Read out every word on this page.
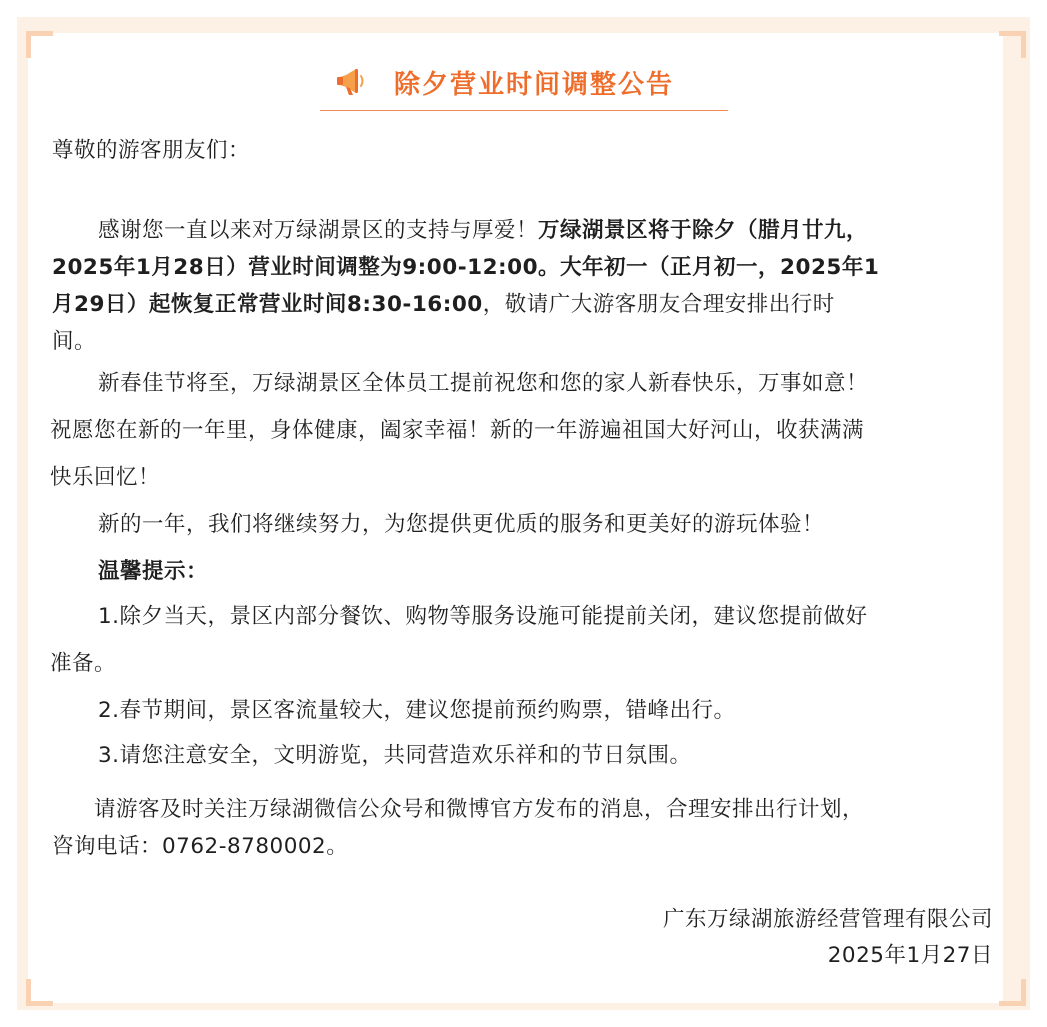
除夕营业时间调整公告
尊敬的游客朋友们：
感谢您一直以来对万绿湖景区的支持与厚爱！万绿湖景区将于除夕（腊月廿九，
2025年1月28日）营业时间调整为9:00-12:00。大年初一（正月初一，2025年1
月29日）起恢复正常营业时间8:30-16:00，敬请广大游客朋友合理安排出行时
间。
新春佳节将至，万绿湖景区全体员工提前祝您和您的家人新春快乐，万事如意！
祝愿您在新的一年里，身体健康，阖家幸福！新的一年游遍祖国大好河山，收获满满
快乐回忆！
新的一年，我们将继续努力，为您提供更优质的服务和更美好的游玩体验！
温馨提示：
1.除夕当天，景区内部分餐饮、购物等服务设施可能提前关闭，建议您提前做好
准备。
2.春节期间，景区客流量较大，建议您提前预约购票，错峰出行。
3.请您注意安全，文明游览，共同营造欢乐祥和的节日氛围。
请游客及时关注万绿湖微信公众号和微博官方发布的消息，合理安排出行计划，
咨询电话：0762-8780002。
广东万绿湖旅游经营管理有限公司
2025年1月27日
